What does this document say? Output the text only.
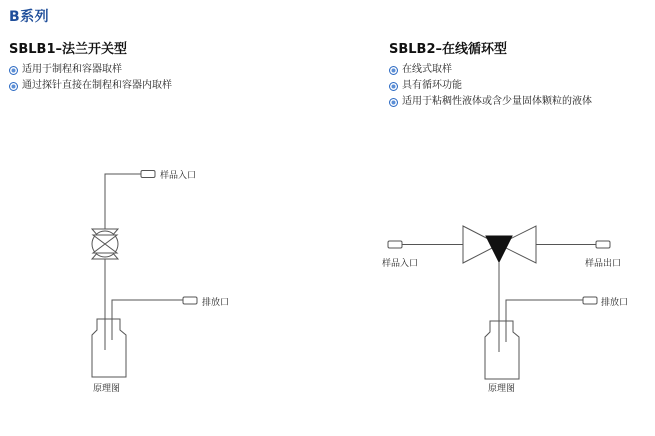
B系列
SBLB1–法兰开关型
适用于制程和容器取样
通过探针直接在制程和容器内取样
SBLB2–在线循环型
在线式取样
具有循环功能
适用于粘稠性液体或含少量固体颗粒的液体
样品入口
排放口
原理图
样品入口	样品出口
排放口
原理图
